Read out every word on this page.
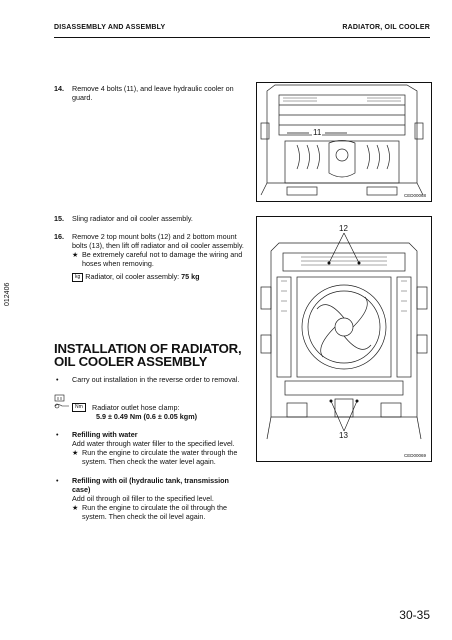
DISASSEMBLY AND ASSEMBLY	RADIATOR, OIL COOLER
012406
14. Remove 4 bolts (11), and leave hydraulic cooler on guard.
15. Sling radiator and oil cooler assembly.
16. Remove 2 top mount bolts (12) and 2 bottom mount bolts (13), then lift off radiator and oil cooler assembly.
★ Be extremely careful not to damage the wiring and hoses when removing.
kg Radiator, oil cooler assembly: 75 kg
INSTALLATION OF RADIATOR,
OIL COOLER ASSEMBLY
• Carry out installation in the reverse order to removal.
Nm	Radiator outlet hose clamp:
5.9 ± 0.49 Nm (0.6 ± 0.05 kgm)
• Refilling with water
Add water through water filler to the specified level.
★ Run the engine to circulate the water through the system. Then check the water level again.
• Refilling with oil (hydraulic tank, transmission case)
Add oil through oil filler to the specified level.
★ Run the engine to circulate the oil through the system. Then check the oil level again.
11
CED00068
12
13
CED00069
30-35
